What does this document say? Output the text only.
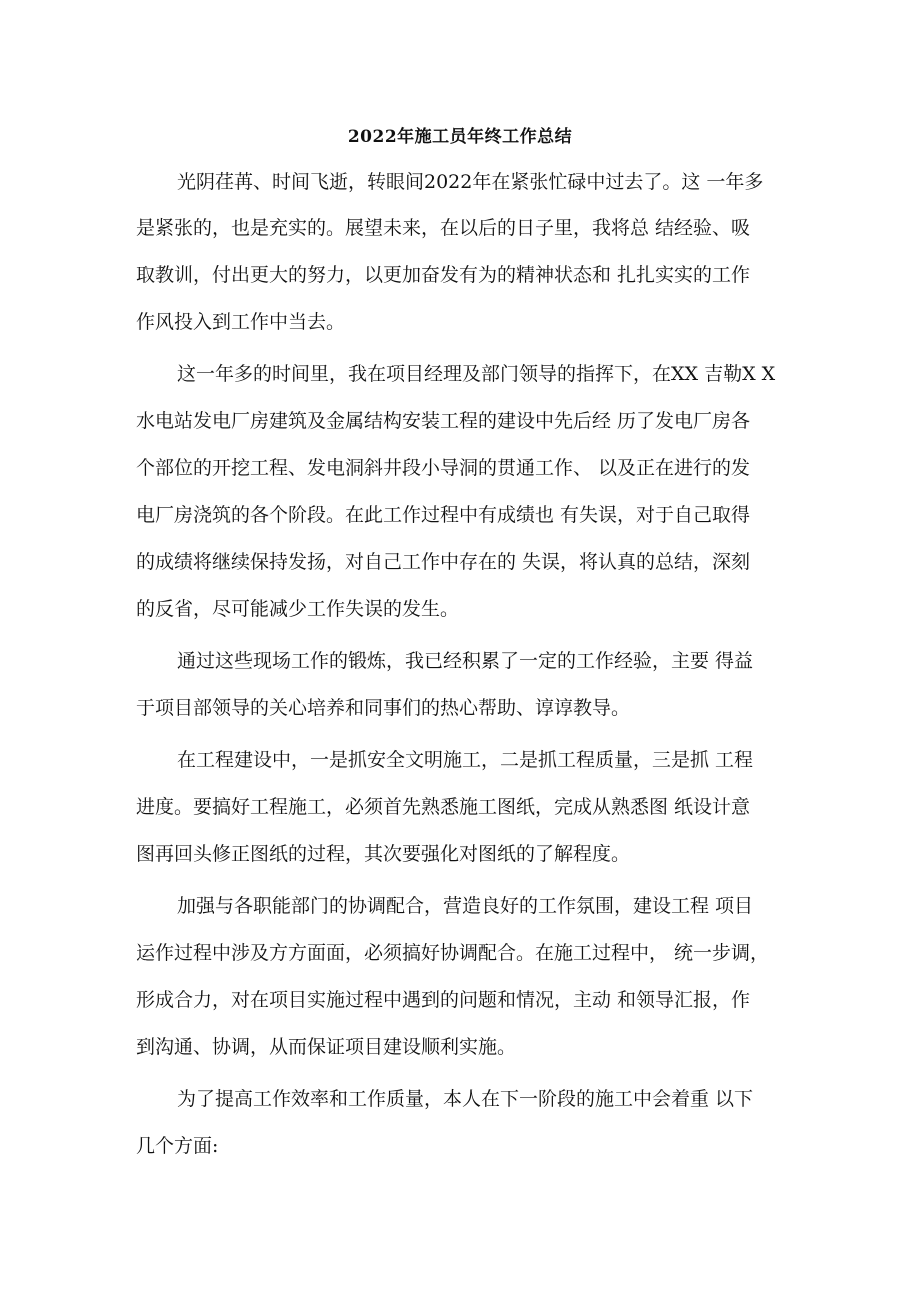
2022年施工员年终工作总结
光阴荏苒、时间飞逝，转眼间2022年在紧张忙碌中过去了。这 一年多
是紧张的，也是充实的。展望未来，在以后的日子里，我将总 结经验、吸
取教训，付出更大的努力，以更加奋发有为的精神状态和 扎扎实实的工作
作风投入到工作中当去。
这一年多的时间里，我在项目经理及部门领导的指挥下，在XX 吉勒X X
水电站发电厂房建筑及金属结构安装工程的建设中先后经 历了发电厂房各
个部位的开挖工程、发电洞斜井段小导洞的贯通工作、 以及正在进行的发
电厂房浇筑的各个阶段。在此工作过程中有成绩也 有失误，对于自己取得
的成绩将继续保持发扬，对自己工作中存在的 失误，将认真的总结，深刻
的反省，尽可能减少工作失误的发生。
通过这些现场工作的锻炼，我已经积累了一定的工作经验，主要 得益
于项目部领导的关心培养和同事们的热心帮助、谆谆教导。
在工程建设中，一是抓安全文明施工，二是抓工程质量，三是抓 工程
进度。要搞好工程施工，必须首先熟悉施工图纸，完成从熟悉图 纸设计意
图再回头修正图纸的过程，其次要强化对图纸的了解程度。
加强与各职能部门的协调配合，营造良好的工作氛围，建设工程 项目
运作过程中涉及方方面面，必须搞好协调配合。在施工过程中， 统一步调，
形成合力，对在项目实施过程中遇到的问题和情况，主动 和领导汇报，作
到沟通、协调，从而保证项目建设顺利实施。
为了提高工作效率和工作质量，本人在下一阶段的施工中会着重 以下
几个方面:
